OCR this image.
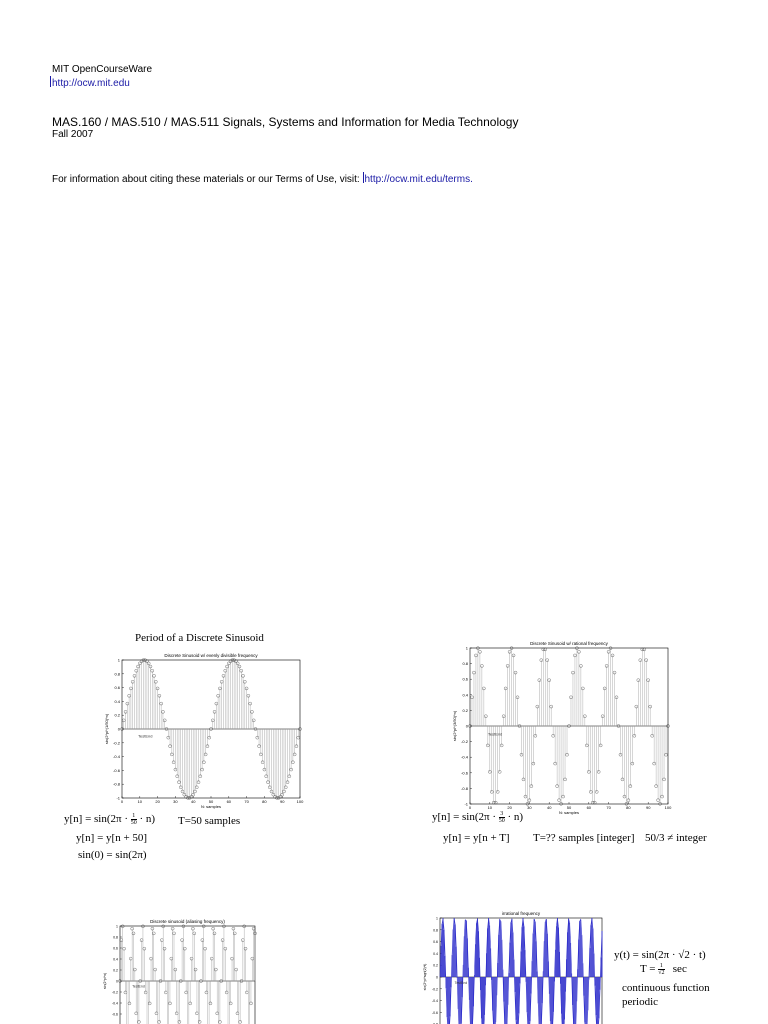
MIT OpenCourseWare
http://ocw.mit.edu
MAS.160 / MAS.510 / MAS.511 Signals, Systems and Information for Media Technology
Fall 2007
For information about citing these materials or our Terms of Use, visit: http://ocw.mit.edu/terms.
Period of a Discrete Sinusoid
Discrete Sinusoid w/ evenly divisible frequency
-1
-0.8
-0.6
-0.4
-0.2
0
0.2
0.4
0.6
0.8
1
0	10	20	30	40	50	60	70	80	90	100
N: samples
sin(2*pi*(1/50)*n)	TestEnd
Discrete Sinusoid w/ rational frequency
-1
-0.8
-0.6
-0.4
-0.2
0
0.2
0.4
0.6
0.8
1
0	10	20	30	40	50	60	70	80	90	100
N: samples
sin(2*pi*(3/50)*n)	TestEnd
Discrete sinusoid (aliasing frequency)
-0.6
-0.4
-0.2
0
0.2
0.4
0.6
0.8
1
sin(2*pi*n)	TestEnd
irrational frequency
-0.6
-0.4
-0.2
0
0.2
0.4
0.6
0.8
1
sin(2*pi*sqrt(2)*t)	TestEnd
$y[n] = \sin(2\pi \cdot \frac{1}{50} \cdot n)$ T=50 samples
y[n] = y[n + 50]
sin(0) = sin(2π)
$y[n] = \sin(2\pi \cdot \frac{3}{50} \cdot n)$
y[n] = y[n + T] T=?? samples [integer] 50/3 ≠ integer
y(t) = sin(2π · √2 · t)
$T = \frac{1}{√2}$ sec
continuous function
periodic
